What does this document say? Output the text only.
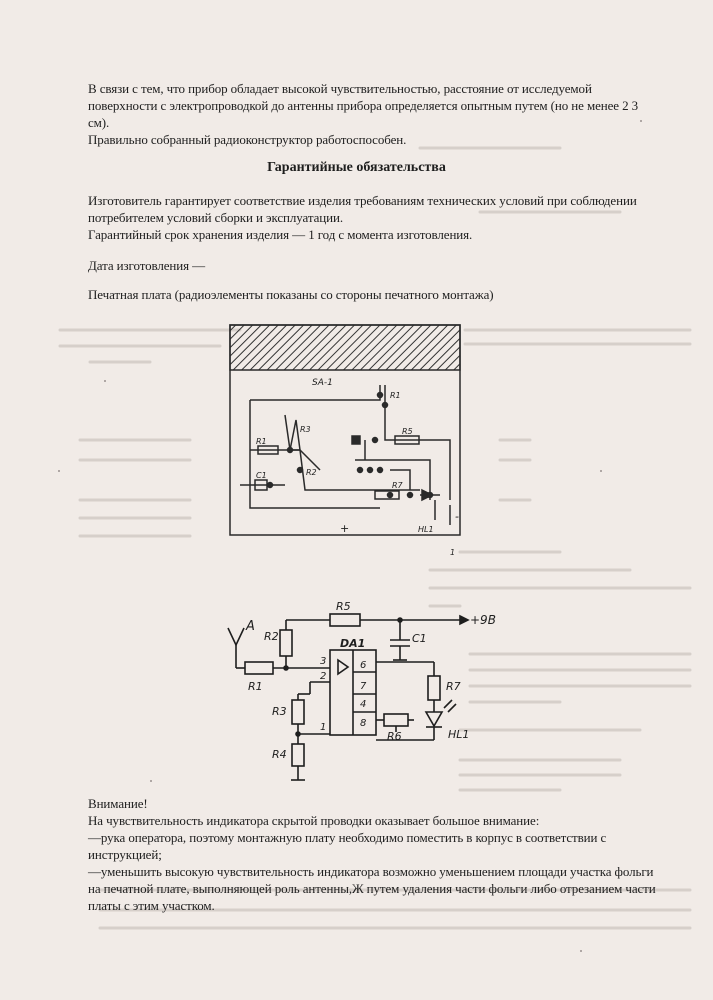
В связи с тем, что прибор обладает высокой чувствительностью, расстояние от исследуемой поверхности с электропроводкой до антенны прибора определяется опытным путем (но не менее 2 3 см).

Правильно собранный радиоконструктор работоспособен.

Гарантийные обязательства

Изготовитель гарантирует соответствие изделия требованиям технических условий при соблюдении потребителем условий сборки и эксплуатации.

Гарантийный срок хранения изделия — 1 год с момента изготовления.

Дата изготовления —
Печатная плата (радиоэлементы показаны со стороны печатного монтажа)
SA-1
R1
R1
R3
R2
R5
R7
C1
HL1
+
-
1
A	+9В
R1
R2
R3
R4
R5
R6
R7
C1
DA1
HL1
3
2
1
6
7
4
8

Внимание!

На чувствительность индикатора скрытой проводки оказывает большое внимание:

—рука оператора, поэтому монтажную плату необходимо поместить в корпус в соответствии с инструкцией;

—уменьшить высокую чувствительность индикатора возможно уменьшением площади участка фольги на печатной плате, выполняющей роль антенны,Ж путем удаления части фольги либо отрезанием части платы с этим участком.
